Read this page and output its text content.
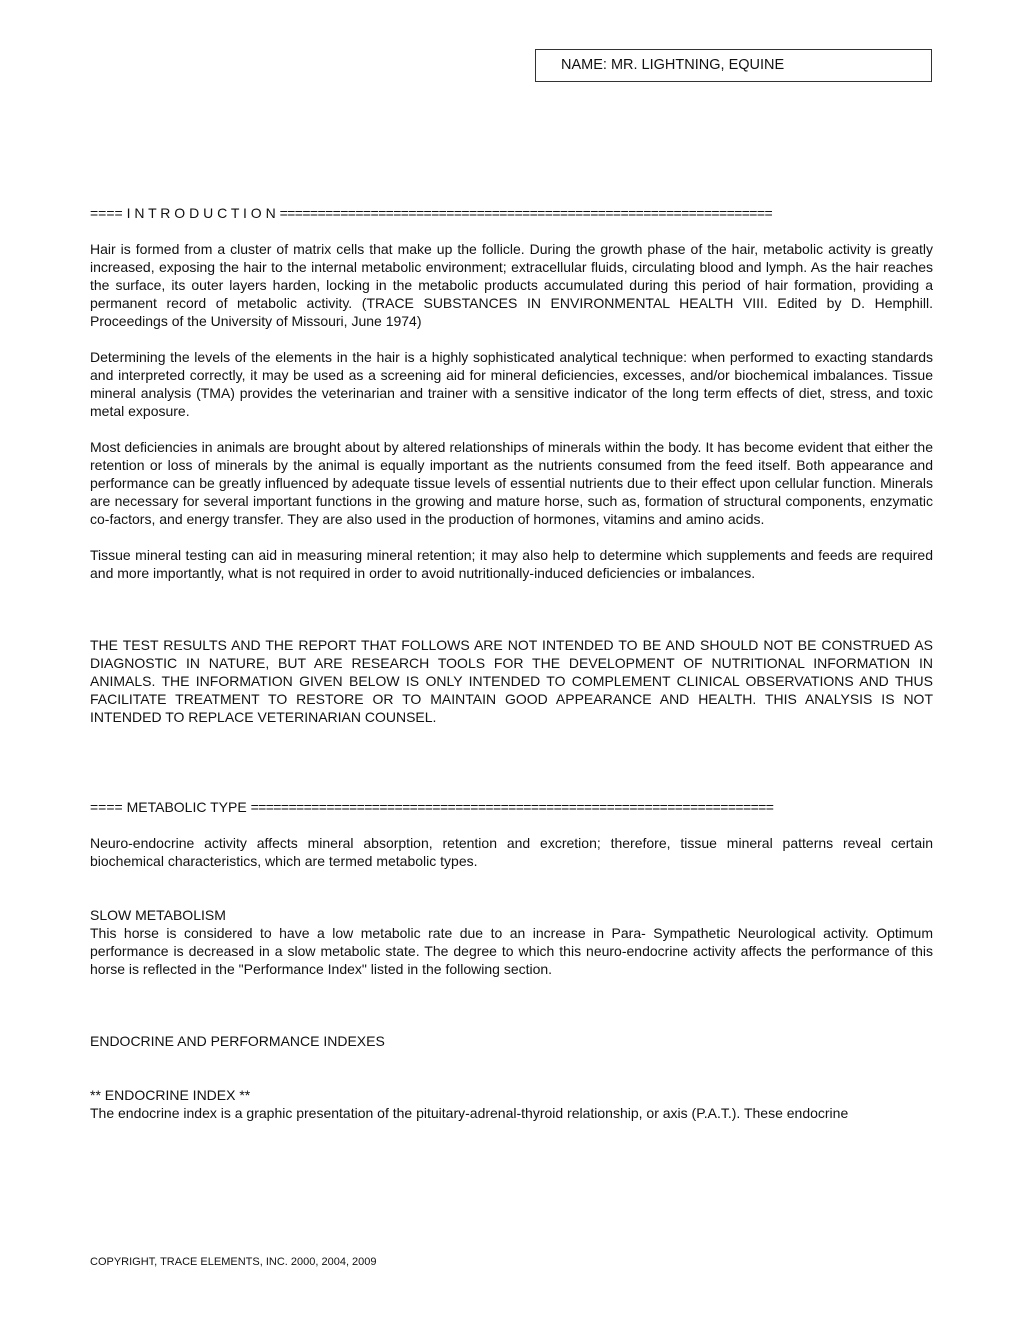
NAME: MR. LIGHTNING, EQUINE
==== I N T R O D U C T I O N =================================================================

Hair is formed from a cluster of matrix cells that make up the follicle. During the growth phase of the hair, metabolic activity is greatly increased, exposing the hair to the internal metabolic environment; extracellular fluids, circulating blood and lymph. As the hair reaches the surface, its outer layers harden, locking in the metabolic products accumulated during this period of hair formation, providing a permanent record of metabolic activity. (TRACE SUBSTANCES IN ENVIRONMENTAL HEALTH VIII. Edited by D. Hemphill. Proceedings of the University of Missouri, June 1974)

Determining the levels of the elements in the hair is a highly sophisticated analytical technique: when performed to exacting standards and interpreted correctly, it may be used as a screening aid for mineral deficiencies, excesses, and/or biochemical imbalances. Tissue mineral analysis (TMA) provides the veterinarian and trainer with a sensitive indicator of the long term effects of diet, stress, and toxic metal exposure.

Most deficiencies in animals are brought about by altered relationships of minerals within the body. It has become evident that either the retention or loss of minerals by the animal is equally important as the nutrients consumed from the feed itself. Both appearance and performance can be greatly influenced by adequate tissue levels of essential nutrients due to their effect upon cellular function. Minerals are necessary for several important functions in the growing and mature horse, such as, formation of structural components, enzymatic co-factors, and energy transfer. They are also used in the production of hormones, vitamins and amino acids.

Tissue mineral testing can aid in measuring mineral retention; it may also help to determine which supplements and feeds are required and more importantly, what is not required in order to avoid nutritionally-induced deficiencies or imbalances.

THE TEST RESULTS AND THE REPORT THAT FOLLOWS ARE NOT INTENDED TO BE AND SHOULD NOT BE CONSTRUED AS DIAGNOSTIC IN NATURE, BUT ARE RESEARCH TOOLS FOR THE DEVELOPMENT OF NUTRITIONAL INFORMATION IN ANIMALS. THE INFORMATION GIVEN BELOW IS ONLY INTENDED TO COMPLEMENT CLINICAL OBSERVATIONS AND THUS FACILITATE TREATMENT TO RESTORE OR TO MAINTAIN GOOD APPEARANCE AND HEALTH. THIS ANALYSIS IS NOT INTENDED TO REPLACE VETERINARIAN COUNSEL.

==== METABOLIC TYPE =====================================================================

Neuro-endocrine activity affects mineral absorption, retention and excretion; therefore, tissue mineral patterns reveal certain biochemical characteristics, which are termed metabolic types.

SLOW METABOLISM

This horse is considered to have a low metabolic rate due to an increase in Para- Sympathetic Neurological activity. Optimum performance is decreased in a slow metabolic state. The degree to which this neuro-endocrine activity affects the performance of this horse is reflected in the "Performance Index" listed in the following section.

ENDOCRINE AND PERFORMANCE INDEXES
** ENDOCRINE INDEX **

The endocrine index is a graphic presentation of the pituitary-adrenal-thyroid relationship, or axis (P.A.T.). These endocrine

COPYRIGHT, TRACE ELEMENTS, INC. 2000, 2004, 2009
